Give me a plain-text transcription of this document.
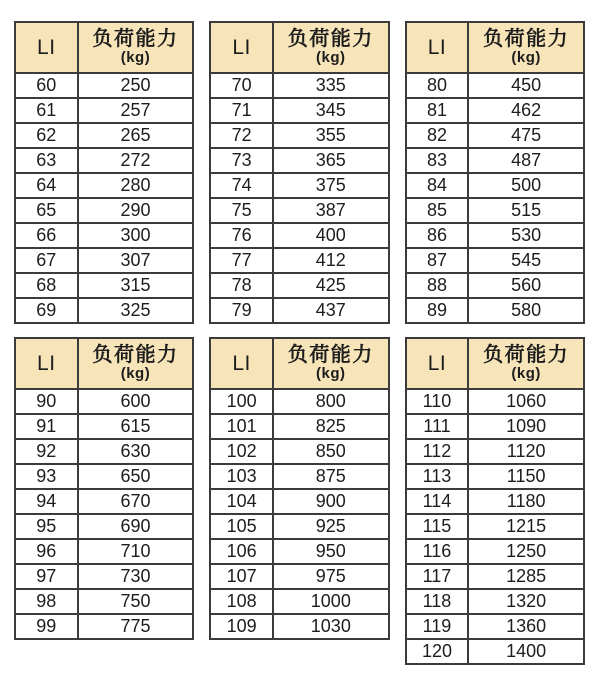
LI	负荷能力
(kg)

60	250
61	257
62	265
63	272
64	280
65	290
66	300
67	307
68	315
69	325
LI	负荷能力
(kg)

70	335
71	345
72	355
73	365
74	375
75	387
76	400
77	412
78	425
79	437
LI	负荷能力
(kg)

80	450
81	462
82	475
83	487
84	500
85	515
86	530
87	545
88	560
89	580
LI	负荷能力
(kg)

90	600
91	615
92	630
93	650
94	670
95	690
96	710
97	730
98	750
99	775
LI	负荷能力
(kg)

100	800
101	825
102	850
103	875
104	900
105	925
106	950
107	975
108	1000
109	1030
LI	负荷能力
(kg)

110	1060
111	1090
112	1120
113	1150
114	1180
115	1215
116	1250
117	1285
118	1320
119	1360
120	1400
